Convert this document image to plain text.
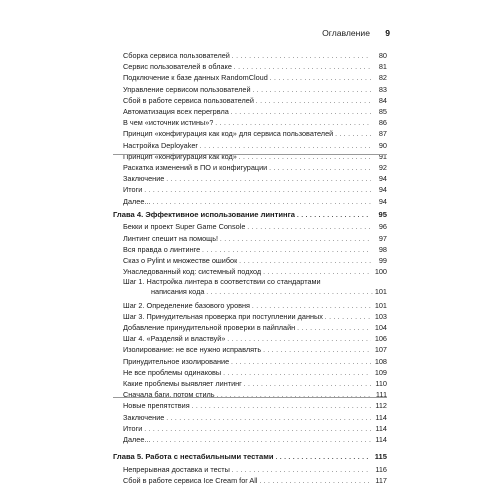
Оглавление 9
Сборка сервиса пользователей . . .	80
Сервис пользователей в облаке . . .	81
Подключение к базе данных RandomCloud . . .	82
Управление сервисом пользователей . . .	83
Сбой в работе сервиса пользователей . . .	84
Автоматизация всех перегрвла . . .	85
В чем «источник истины»? . . .	86
Принцип «конфигурация как код» для сервиса пользователей . . .	87
Настройка Deployaker . . .	90
Принцип «конфигурация как код» . . .	91
Раскатка изменений в ПО и конфигурации . . .	92
Заключение . . .	94
Итоги . . .	94
Далее... . . .	94
Глава 4. Эффективное использование линтинга . . .	95
Бекки и проект Super Game Console . . .	96
Линтинг спешит на помощь! . . .	97
Вся правда о линтинге . . .	98
Сказ о Pylint и множестве ошибок . . .	99
Унаследованный код: системный подход . . .	100
Шаг 1. Настройка линтера в соответствии со стандартами
написания кода . . .	101
Шаг 2. Определение базового уровня . . .	101
Шаг 3. Принудительная проверка при поступлении данных . . .	103
Добавление принудительной проверки в пайплайн . . .	104
Шаг 4. «Разделяй и властвуй» . . .	106
Изолирование: не все нужно исправлять . . .	107
Принудительное изолирование . . .	108
Не все проблемы одинаковы . . .	109
Какие проблемы выявляет линтинг . . .	110
Сначала баги, потом стиль . . .	111
Новые препятствия . . .	112
Заключение . . .	114
Итоги . . .	114
Далее... . . .	114
Глава 5. Работа с нестабильными тестами . . .	115
Непрерывная доставка и тесты . . .	116
Сбой в работе сервиса Ice Cream for All . . .	117
